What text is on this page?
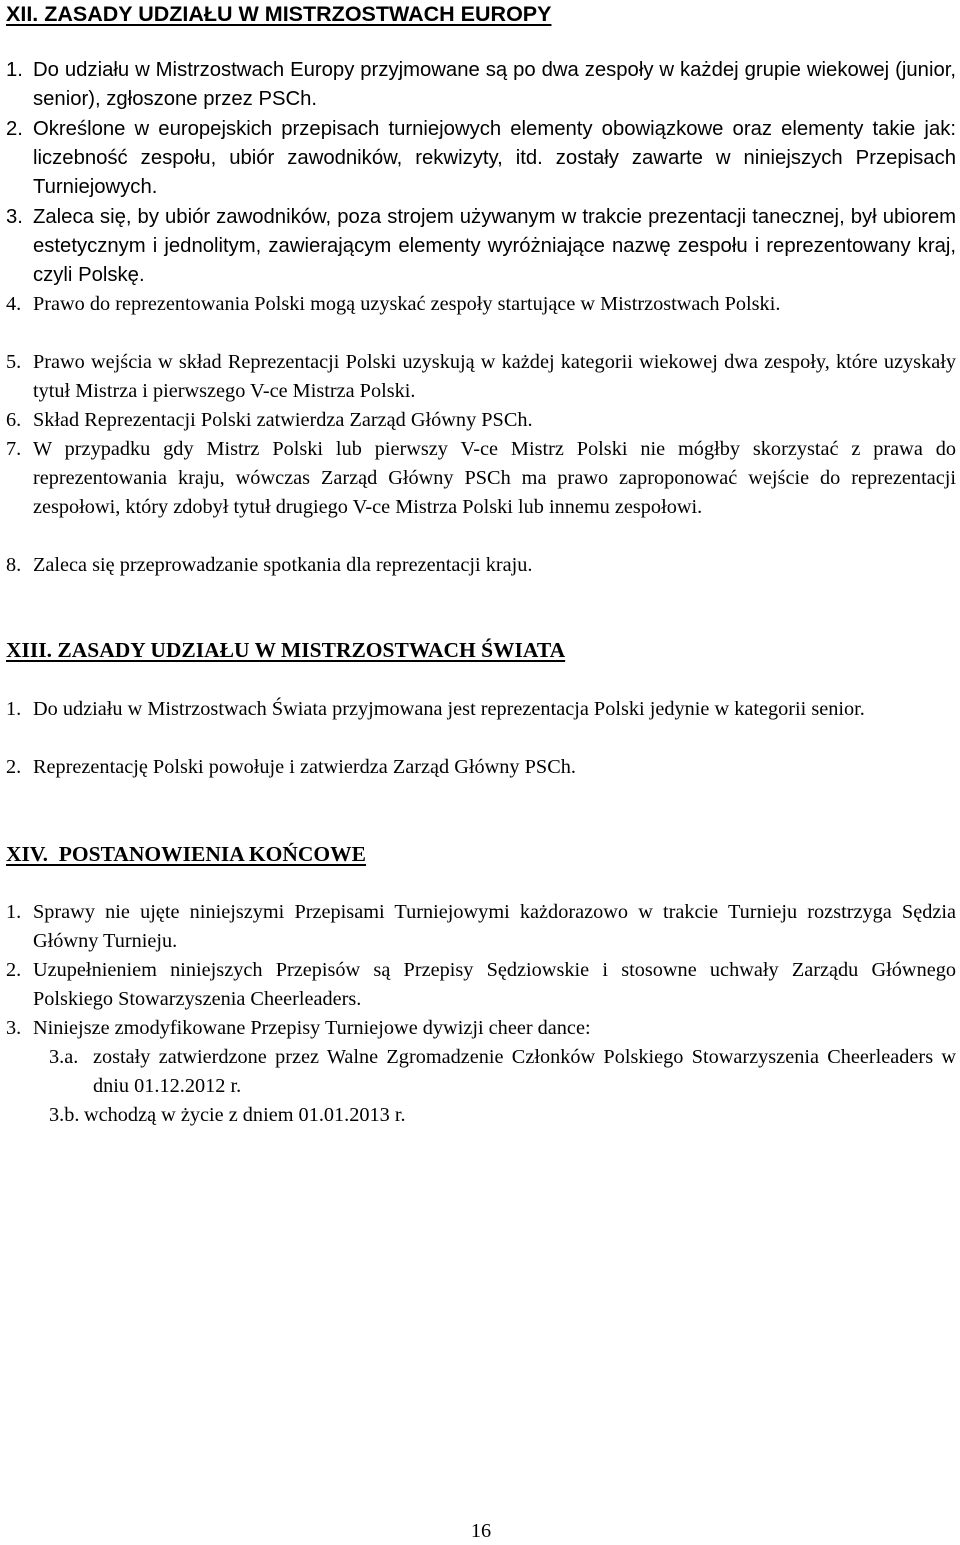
XII. ZASADY UDZIAŁU W MISTRZOSTWACH EUROPY
1. Do udziału w Mistrzostwach Europy przyjmowane są po dwa zespoły w każdej grupie wiekowej (junior, senior), zgłoszone przez PSCh.
2. Określone w europejskich przepisach turniejowych elementy obowiązkowe oraz elementy takie jak: liczebność zespołu, ubiór zawodników, rekwizyty, itd. zostały zawarte w niniejszych Przepisach Turniejowych.
3. Zaleca się, by ubiór zawodników, poza strojem używanym w trakcie prezentacji tanecznej, był ubiorem estetycznym i jednolitym, zawierającym elementy wyróżniające nazwę zespołu i reprezentowany kraj, czyli Polskę.
4. Prawo do reprezentowania Polski mogą uzyskać zespoły startujące w Mistrzostwach Polski.
5. Prawo wejścia w skład Reprezentacji Polski uzyskują w każdej kategorii wiekowej dwa zespoły, które uzyskały tytuł Mistrza i pierwszego V-ce Mistrza Polski.
6. Skład Reprezentacji Polski zatwierdza Zarząd Główny PSCh.
7. W przypadku gdy Mistrz Polski lub pierwszy V-ce Mistrz Polski nie mógłby skorzystać z prawa do reprezentowania kraju, wówczas Zarząd Główny PSCh ma prawo zaproponować wejście do reprezentacji zespołowi, który zdobył tytuł drugiego V-ce Mistrza Polski lub innemu zespołowi.
8. Zaleca się przeprowadzanie spotkania dla reprezentacji kraju.
XIII. ZASADY UDZIAŁU W MISTRZOSTWACH ŚWIATA
1. Do udziału w Mistrzostwach Świata przyjmowana jest reprezentacja Polski jedynie w kategorii senior.
2. Reprezentację Polski powołuje i zatwierdza Zarząd Główny PSCh.
XIV.  POSTANOWIENIA KOŃCOWE
1. Sprawy nie ujęte niniejszymi Przepisami Turniejowymi każdorazowo w trakcie Turnieju rozstrzyga Sędzia Główny Turnieju.
2. Uzupełnieniem niniejszych Przepisów są Przepisy Sędziowskie i stosowne uchwały Zarządu Głównego Polskiego Stowarzyszenia Cheerleaders.
3. Niniejsze zmodyfikowane Przepisy Turniejowe dywizji cheer dance:
3.a. zostały zatwierdzone przez Walne Zgromadzenie Członków Polskiego Stowarzyszenia Cheerleaders w dniu 01.12.2012 r.
3.b. wchodzą w życie z dniem 01.01.2013 r.
16
